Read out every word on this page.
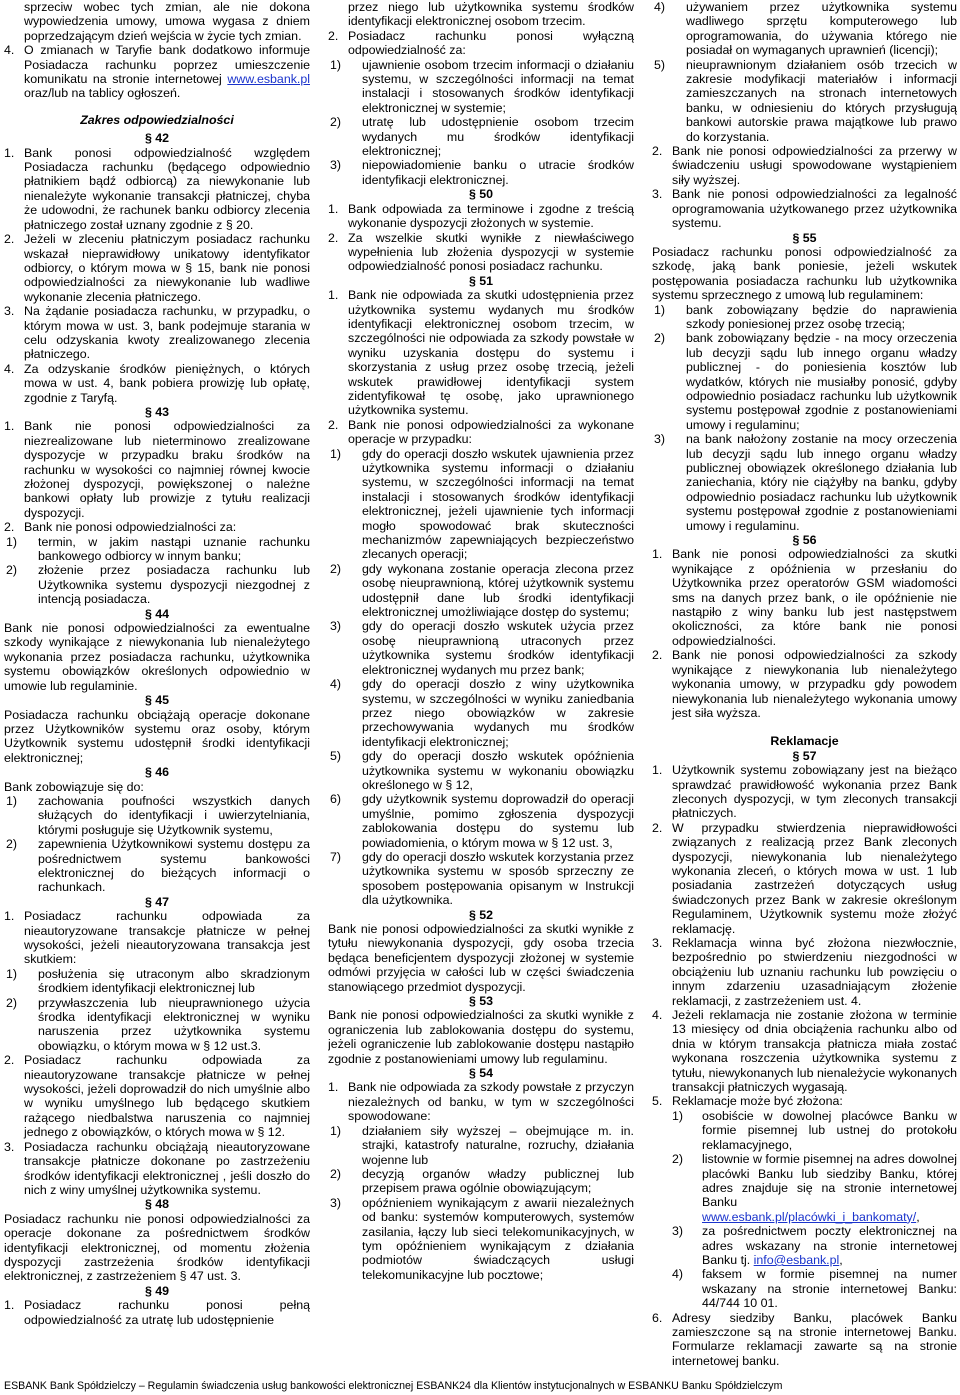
sprzeciw wobec tych zmian, ale nie dokona wypowiedzenia umowy, umowa wygasa z dniem poprzedzającym dzień wejścia w życie tych zmian.

4. O zmianach w Taryfie bank dodatkowo informuje Posiadacza rachunku poprzez umieszczenie komunikatu na stronie internetowej www.esbank.pl oraz/lub na tablicy ogłoszeń.

Zakres odpowiedzialności

§ 42

1. Bank ponosi odpowiedzialność względem Posiadacza rachunku (będącego odpowiednio płatnikiem bądź odbiorcą) za niewykonanie lub nienależyte wykonanie transakcji płatniczej, chyba że udowodni, że rachunek banku odbiorcy zlecenia płatniczego został uznany zgodnie z § 20.
2. Jeżeli w zleceniu płatniczym posiadacz rachunku wskazał nieprawidłowy unikatowy identyfikator odbiorcy, o którym mowa w § 15, bank nie ponosi odpowiedzialności za niewykonanie lub wadliwe wykonanie zlecenia płatniczego.
3. Na żądanie posiadacza rachunku, w przypadku, o którym mowa w ust. 3, bank podejmuje starania w celu odzyskania kwoty zrealizowanego zlecenia płatniczego.
4. Za odzyskanie środków pieniężnych, o których mowa w ust. 4, bank pobiera prowizję lub opłatę, zgodnie z Taryfą.

§ 43

1. Bank nie ponosi odpowiedzialności za niezrealizowane lub nieterminowo zrealizowane dyspozycje w przypadku braku środków na rachunku w wysokości co najmniej równej kwocie złożonej dyspozycji, powiększonej o należne bankowi opłaty lub prowizje z tytułu realizacji dyspozycji.
2. Bank nie ponosi odpowiedzialności za:
1)	termin, w jakim nastąpi uznanie rachunku bankowego odbiorcy w innym banku;
2)	złożenie przez posiadacza rachunku lub Użytkownika systemu dyspozycji niezgodnej z intencją posiadacza.

§ 44

Bank nie ponosi odpowiedzialności za ewentualne szkody wynikające z niewykonania lub nienależytego wykonania przez posiadacza rachunku, użytkownika systemu obowiązków określonych odpowiednio w umowie lub regulaminie.

§ 45

Posiadacza rachunku obciążają operacje dokonane przez Użytkowników systemu oraz osoby, którym Użytkownik systemu udostępnił środki identyfikacji elektronicznej;

§ 46

Bank zobowiązuje się do:

1)	zachowania poufności wszystkich danych służących do identyfikacji i uwierzytelniania, którymi posługuje się Użytkownik systemu,
2)	zapewnienia Użytkownikowi systemu dostępu za pośrednictwem systemu bankowości elektronicznej do bieżących informacji o rachunkach.

§ 47

1. Posiadacz rachunku odpowiada za nieautoryzowane transakcje płatnicze w pełnej wysokości, jeżeli nieautoryzowana transakcja jest skutkiem:
1)	posłużenia się utraconym albo skradzionym środkiem identyfikacji elektronicznej lub
2)	przywłaszczenia lub nieuprawnionego użycia środka identyfikacji elektronicznej w wyniku naruszenia przez użytkownika systemu obowiązku, o którym mowa w § 12 ust.3.
2. Posiadacz rachunku odpowiada za nieautoryzowane transakcje płatnicze w pełnej wysokości, jeżeli doprowadził do nich umyślnie albo w wyniku umyślnego lub będącego skutkiem rażącego niedbalstwa naruszenia co najmniej jednego z obowiązków, o których mowa w § 12.
3. Posiadacza rachunku obciążają nieautoryzowane transakcje płatnicze dokonane po zastrzeżeniu środków identyfikacji elektronicznej , jeśli doszło do nich z winy umyślnej użytkownika systemu.

§ 48

Posiadacz rachunku nie ponosi odpowiedzialności za operacje dokonane za pośrednictwem środków identyfikacji elektronicznej, od momentu złożenia dyspozycji zastrzeżenia środków identyfikacji elektronicznej, z zastrzeżeniem § 47 ust. 3.

§ 49

1. Posiadacz rachunku ponosi pełną odpowiedzialność za utratę lub udostępnienie

przez niego lub użytkownika systemu środków identyfikacji elektronicznej osobom trzecim.

2. Posiadacz rachunku ponosi wyłączną odpowiedzialność za:
1)	ujawnienie osobom trzecim informacji o działaniu systemu, w szczególności informacji na temat instalacji i stosowanych środków identyfikacji elektronicznej w systemie;
2)	utratę lub udostępnienie osobom trzecim wydanych mu środków identyfikacji elektronicznej;
3)	niepowiadomienie banku o utracie środków identyfikacji elektronicznej.

§ 50

1. Bank odpowiada za terminowe i zgodne z treścią wykonanie dyspozycji złożonych w systemie.
2. Za wszelkie skutki wynikłe z niewłaściwego wypełnienia lub złożenia dyspozycji w systemie odpowiedzialność ponosi posiadacz rachunku.

§ 51

1. Bank nie odpowiada za skutki udostępnienia przez użytkownika systemu wydanych mu środków identyfikacji elektronicznej osobom trzecim, w szczególności nie odpowiada za szkody powstałe w wyniku uzyskania dostępu do systemu i skorzystania z usług przez osobę trzecią, jeżeli wskutek prawidłowej identyfikacji system zidentyfikował tę osobę, jako uprawnionego użytkownika systemu.
2. Bank nie ponosi odpowiedzialności za wykonane operacje w przypadku:
1)	gdy do operacji doszło wskutek ujawnienia przez użytkownika systemu informacji o działaniu systemu, w szczególności informacji na temat instalacji i stosowanych środków identyfikacji elektronicznej, jeżeli ujawnienie tych informacji mogło spowodować brak skuteczności mechanizmów zapewniających bezpieczeństwo zlecanych operacji;
2)	gdy wykonana zostanie operacja zlecona przez osobę nieuprawnioną, której użytkownik systemu udostępnił dane lub środki identyfikacji elektronicznej umożliwiające dostęp do systemu;
3)	gdy do operacji doszło wskutek użycia przez osobę nieuprawnioną utraconych przez użytkownika systemu środków identyfikacji elektronicznej wydanych mu przez bank;
4)	gdy do operacji doszło z winy użytkownika systemu, w szczególności w wyniku zaniedbania przez niego obowiązków w zakresie przechowywania wydanych mu środków identyfikacji elektronicznej;
5)	gdy do operacji doszło wskutek opóźnienia użytkownika systemu w wykonaniu obowiązku określonego w § 12,
6)	gdy użytkownik systemu doprowadził do operacji umyślnie, pomimo zgłoszenia dyspozycji zablokowania dostępu do systemu lub powiadomienia, o którym mowa w § 12 ust. 3,
7)	gdy do operacji doszło wskutek korzystania przez użytkownika systemu w sposób sprzeczny ze sposobem postępowania opisanym w Instrukcji dla użytkownika.

§ 52

Bank nie ponosi odpowiedzialności za skutki wynikłe z tytułu niewykonania dyspozycji, gdy osoba trzecia będąca beneficjentem dyspozycji złożonej w systemie odmówi przyjęcia w całości lub w części świadczenia stanowiącego przedmiot dyspozycji.

§ 53

Bank nie ponosi odpowiedzialności za skutki wynikłe z ograniczenia lub zablokowania dostępu do systemu, jeżeli ograniczenie lub zablokowanie dostępu nastąpiło zgodnie z postanowieniami umowy lub regulaminu.

§ 54

1. Bank nie odpowiada za szkody powstałe z przyczyn niezależnych od banku, w tym w szczególności spowodowane:
1)	działaniem siły wyższej – obejmujące m. in. strajki, katastrofy naturalne, rozruchy, działania wojenne lub
2)	decyzją organów władzy publicznej lub przepisem prawa ogólnie obowiązującym;
3)	opóźnieniem wynikającym z awarii niezależnych od banku: systemów komputerowych, systemów zasilania, łączy lub sieci telekomunikacyjnych, w tym opóźnieniem wynikającym z działania podmiotów świadczących usługi telekomunikacyjne lub pocztowe;
4)	używaniem przez użytkownika systemu wadliwego sprzętu komputerowego lub oprogramowania, do używania którego nie posiadał on wymaganych uprawnień (licencji);
5)	nieuprawnionym działaniem osób trzecich w zakresie modyfikacji materiałów i informacji zamieszczanych na stronach internetowych banku, w odniesieniu do których przysługują bankowi autorskie prawa majątkowe lub prawo do korzystania.
2. Bank nie ponosi odpowiedzialności za przerwy w świadczeniu usługi spowodowane wystąpieniem siły wyższej.
3. Bank nie ponosi odpowiedzialności za legalność oprogramowania użytkowanego przez użytkownika systemu.

§ 55

Posiadacz rachunku ponosi odpowiedzialność za szkodę, jaką bank poniesie, jeżeli wskutek postępowania posiadacza rachunku lub użytkownika systemu sprzecznego z umową lub regulaminem:

1)	bank zobowiązany będzie do naprawienia szkody poniesionej przez osobę trzecią;
2)	bank zobowiązany będzie - na mocy orzeczenia lub decyzji sądu lub innego organu władzy publicznej - do poniesienia kosztów lub wydatków, których nie musiałby ponosić, gdyby odpowiednio posiadacz rachunku lub użytkownik systemu postępował zgodnie z postanowieniami umowy i regulaminu;
3)	na bank nałożony zostanie na mocy orzeczenia lub decyzji sądu lub innego organu władzy publicznej obowiązek określonego działania lub zaniechania, który nie ciążyłby na banku, gdyby odpowiednio posiadacz rachunku lub użytkownik systemu postępował zgodnie z postanowieniami umowy i regulaminu.

§ 56

1. Bank nie ponosi odpowiedzialności za skutki wynikające z opóźnienia w przesłaniu do Użytkownika przez operatorów GSM wiadomości sms na danych przez bank, o ile opóźnienie nie nastąpiło z winy banku lub jest następstwem okoliczności, za które bank nie ponosi odpowiedzialności.
2. Bank nie ponosi odpowiedzialności za szkody wynikające z niewykonania lub nienależytego wykonania umowy, w przypadku gdy powodem niewykonania lub nienależytego wykonania umowy jest siła wyższa.

Reklamacje

§ 57

1. Użytkownik systemu zobowiązany jest na bieżąco sprawdzać prawidłowość wykonania przez Bank zleconych dyspozycji, w tym zleconych transakcji płatniczych.
2. W przypadku stwierdzenia nieprawidłowości związanych z realizacją przez Bank zleconych dyspozycji, niewykonania lub nienależytego wykonania zleceń, o których mowa w ust. 1 lub posiadania zastrzeżeń dotyczących usług świadczonych przez Bank w zakresie określonym Regulaminem, Użytkownik systemu może złożyć reklamację.
3. Reklamacja winna być złożona niezwłocznie, bezpośrednio po stwierdzeniu niezgodności w obciążeniu lub uznaniu rachunku lub powzięciu o innym zdarzeniu uzasadniającym złożenie reklamacji, z zastrzeżeniem ust. 4.
4. Jeżeli reklamacja nie zostanie złożona w terminie 13 miesięcy od dnia obciążenia rachunku albo od dnia w którym transakcja płatnicza miała zostać wykonana roszczenia użytkownika systemu z tytułu, niewykonanych lub nienależycie wykonanych transakcji płatniczych wygasają.
5. Reklamacje może być złożona:
1)	osobiście w dowolnej placówce Banku w formie pisemnej lub ustnej do protokołu reklamacyjnego,
2)	listownie w formie pisemnej na adres dowolnej placówki Banku lub siedziby Banku, której adres znajduje się na stronie internetowej Banku www.esbank.pl/placówki_i_bankomaty/,
3)	za pośrednictwem poczty elektronicznej na adres wskazany na stronie internetowej Banku tj. info@esbank.pl,
4)	faksem w formie pisemnej na numer wskazany na stronie internetowej Banku: 44/744 10 01.
6. Adresy siedziby Banku, placówek Banku zamieszczone są na stronie internetowej Banku. Formularze reklamacji zawarte są na stronie internetowej banku.
ESBANK Bank Spółdzielczy – Regulamin świadczenia usług bankowości elektronicznej ESBANK24 dla Klientów instytucjonalnych w ESBANKU Banku Spółdzielczym
